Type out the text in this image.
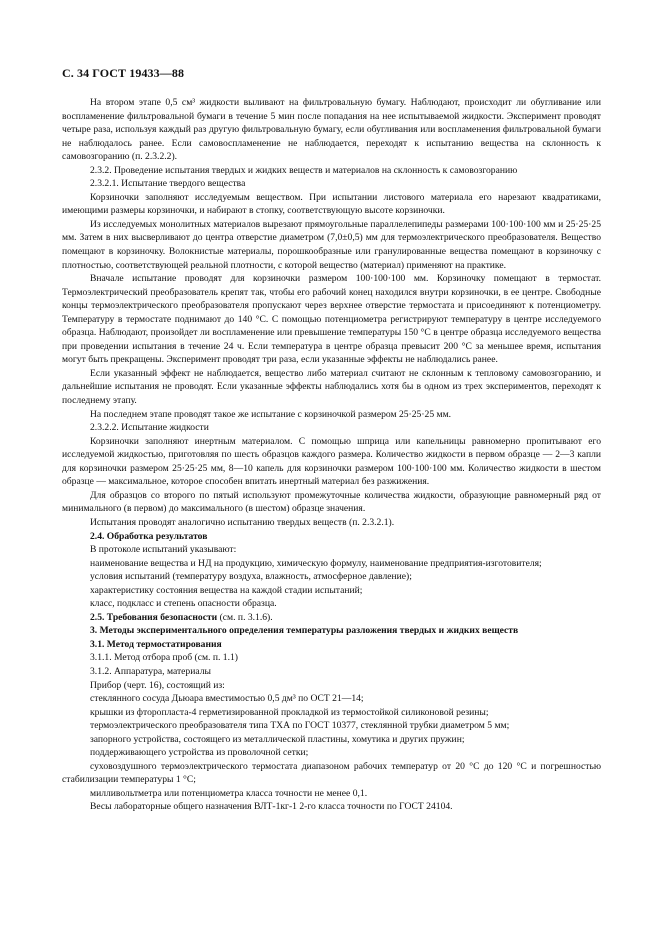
С. 34 ГОСТ 19433—88

На втором этапе 0,5 см³ жидкости выливают на фильтровальную бумагу. Наблюдают, происходит ли обугливание или воспламенение фильтровальной бумаги в течение 5 мин после попадания на нее испытываемой жидкости. Эксперимент проводят четыре раза, используя каждый раз другую фильтровальную бумагу, если обугливания или воспламенения фильтровальной бумаги не наблюдалось ранее. Если самовоспламенение не наблюдается, переходят к испытанию вещества на склонность к самовозгоранию (п. 2.3.2.2).

2.3.2. Проведение испытания твердых и жидких веществ и материалов на склонность к самовозгоранию

2.3.2.1. Испытание твердого вещества

Корзиночки заполняют исследуемым веществом. При испытании листового материала его нарезают квадратиками, имеющими размеры корзиночки, и набирают в стопку, соответствующую высоте корзиночки.

Из исследуемых монолитных материалов вырезают прямоугольные параллелепипеды размерами 100·100·100 мм и 25·25·25 мм. Затем в них высверливают до центра отверстие диаметром (7,0±0,5) мм для термоэлектрического преобразователя. Вещество помещают в корзиночку. Волокнистые материалы, порошкообразные или гранулированные вещества помещают в корзиночку с плотностью, соответствующей реальной плотности, с которой вещество (материал) применяют на практике.

Вначале испытание проводят для корзиночки размером 100·100·100 мм. Корзиночку помещают в термостат. Термоэлектрический преобразователь крепят так, чтобы его рабочий конец находился внутри корзиночки, в ее центре. Свободные концы термоэлектрического преобразователя пропускают через верхнее отверстие термостата и присоединяют к потенциометру. Температуру в термостате поднимают до 140 °С. С помощью потенциометра регистрируют температуру в центре исследуемого образца. Наблюдают, произойдет ли воспламенение или превышение температуры 150 °С в центре образца исследуемого вещества при проведении испытания в течение 24 ч. Если температура в центре образца превысит 200 °С за меньшее время, испытания могут быть прекращены. Эксперимент проводят три раза, если указанные эффекты не наблюдались ранее.

Если указанный эффект не наблюдается, вещество либо материал считают не склонным к тепловому самовозгоранию, и дальнейшие испытания не проводят. Если указанные эффекты наблюдались хотя бы в одном из трех экспериментов, переходят к последнему этапу.

На последнем этапе проводят такое же испытание с корзиночкой размером 25·25·25 мм.

2.3.2.2. Испытание жидкости

Корзиночки заполняют инертным материалом. С помощью шприца или капельницы равномерно пропитывают его исследуемой жидкостью, приготовляя по шесть образцов каждого размера. Количество жидкости в первом образце — 2—3 капли для корзиночки размером 25·25·25 мм, 8—10 капель для корзиночки размером 100·100·100 мм. Количество жидкости в шестом образце — максимальное, которое способен впитать инертный материал без разжижения.

Для образцов со второго по пятый используют промежуточные количества жидкости, образующие равномерный ряд от минимального (в первом) до максимального (в шестом) образце значения.

Испытания проводят аналогично испытанию твердых веществ (п. 2.3.2.1).

2.4. Обработка результатов

В протоколе испытаний указывают:

наименование вещества и НД на продукцию, химическую формулу, наименование предприятия-изготовителя;

условия испытаний (температуру воздуха, влажность, атмосферное давление);

характеристику состояния вещества на каждой стадии испытаний;

класс, подкласс и степень опасности образца.

2.5. Требования безопасности (см. п. 3.1.6).

3. Методы экспериментального определения температуры разложения твердых и жидких веществ

3.1. Метод термостатирования

3.1.1. Метод отбора проб (см. п. 1.1)

3.1.2. Аппаратура, материалы

Прибор (черт. 16), состоящий из:

стеклянного сосуда Дьюара вместимостью 0,5 дм³ по ОСТ 21—14;

крышки из фторопласта-4 герметизированной прокладкой из термостойкой силиконовой резины;

термоэлектрического преобразователя типа ТХА по ГОСТ 10377, стеклянной трубки диаметром 5 мм;

запорного устройства, состоящего из металлической пластины, хомутика и других пружин;

поддерживающего устройства из проволочной сетки;

суховоздушного термоэлектрического термостата диапазоном рабочих температур от 20 °С до 120 °С и погрешностью стабилизации температуры 1 °С;

милливольтметра или потенциометра класса точности не менее 0,1.

Весы лабораторные общего назначения ВЛТ-1кг-1 2-го класса точности по ГОСТ 24104.
